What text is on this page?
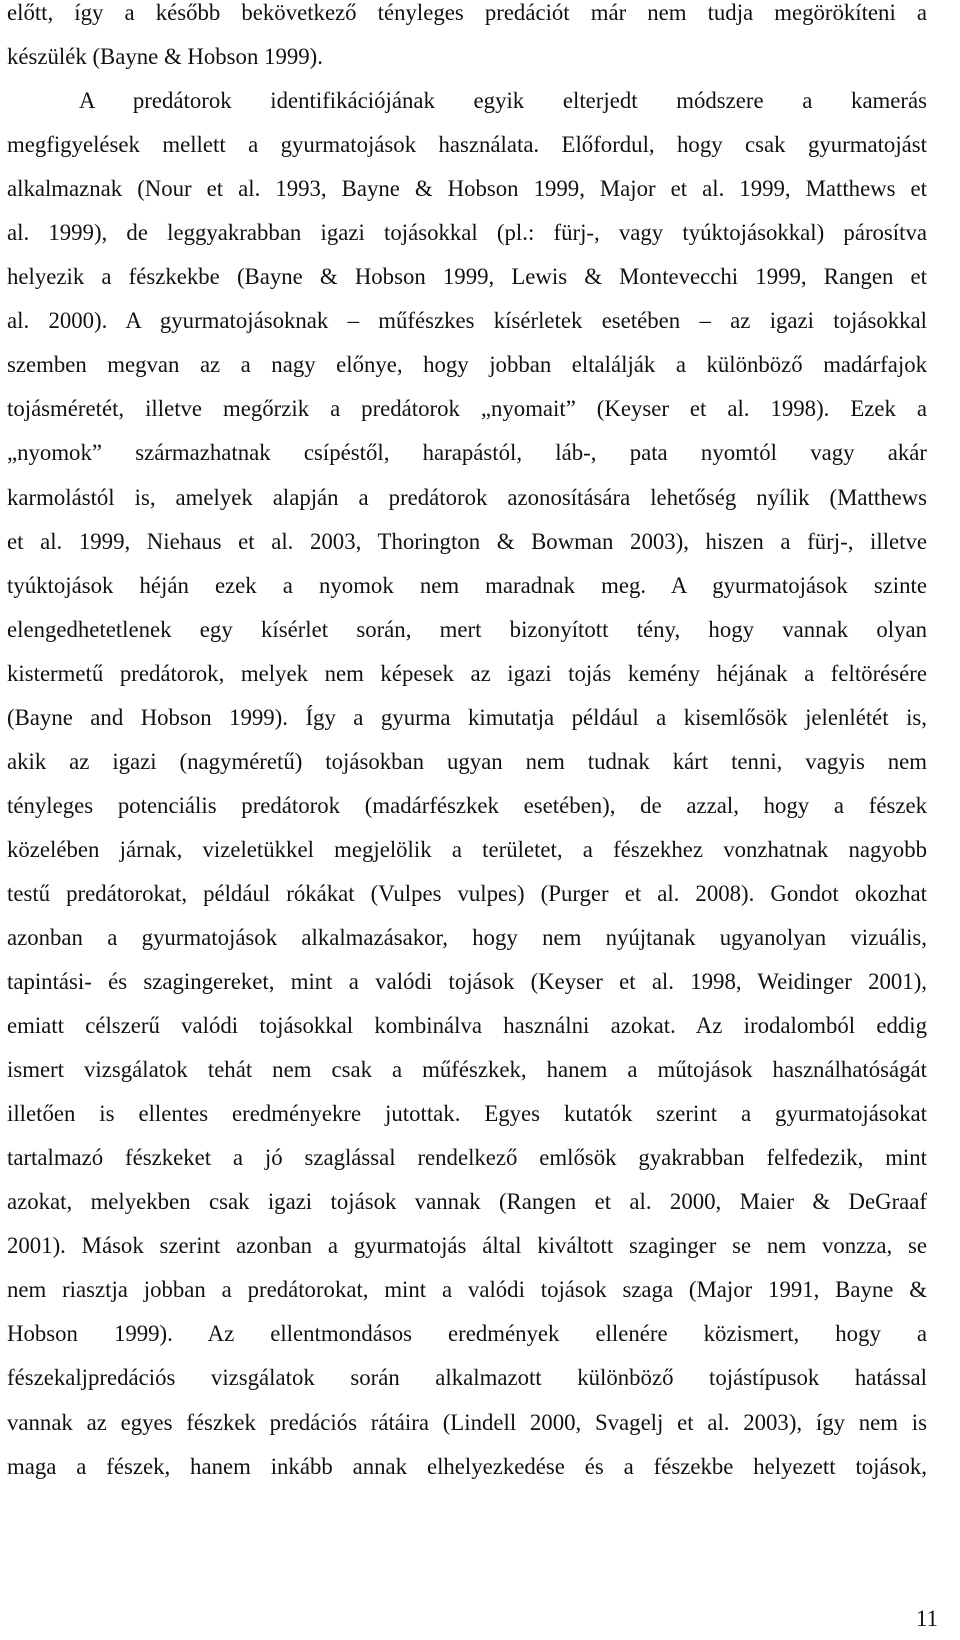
előtt, így a később bekövetkező tényleges predációt már nem tudja megörökíteni a
készülék (Bayne & Hobson 1999).
A predátorok identifikációjának egyik elterjedt módszere a kamerás
megfigyelések mellett a gyurmatojások használata. Előfordul, hogy csak gyurmatojást
alkalmaznak (Nour et al. 1993, Bayne & Hobson 1999, Major et al. 1999, Matthews et
al. 1999), de leggyakrabban igazi tojásokkal (pl.: fürj-, vagy tyúktojásokkal) párosítva
helyezik a fészkekbe (Bayne & Hobson 1999, Lewis & Montevecchi 1999, Rangen et
al. 2000). A gyurmatojásoknak – műfészkes kísérletek esetében – az igazi tojásokkal
szemben megvan az a nagy előnye, hogy jobban eltalálják a különböző madárfajok
tojásméretét, illetve megőrzik a predátorok „nyomait” (Keyser et al. 1998). Ezek a
„nyomok” származhatnak csípéstől, harapástól, láb-, pata nyomtól vagy akár
karmolástól is, amelyek alapján a predátorok azonosítására lehetőség nyílik (Matthews
et al. 1999, Niehaus et al. 2003, Thorington & Bowman 2003), hiszen a fürj-, illetve
tyúktojások héján ezek a nyomok nem maradnak meg. A gyurmatojások szinte
elengedhetetlenek egy kísérlet során, mert bizonyított tény, hogy vannak olyan
kistermetű predátorok, melyek nem képesek az igazi tojás kemény héjának a feltörésére
(Bayne and Hobson 1999). Így a gyurma kimutatja például a kisemlősök jelenlétét is,
akik az igazi (nagyméretű) tojásokban ugyan nem tudnak kárt tenni, vagyis nem
tényleges potenciális predátorok (madárfészkek esetében), de azzal, hogy a fészek
közelében járnak, vizeletükkel megjelölik a területet, a fészekhez vonzhatnak nagyobb
testű predátorokat, például rókákat (Vulpes vulpes) (Purger et al. 2008). Gondot okozhat
azonban a gyurmatojások alkalmazásakor, hogy nem nyújtanak ugyanolyan vizuális,
tapintási- és szagingereket, mint a valódi tojások (Keyser et al. 1998, Weidinger 2001),
emiatt célszerű valódi tojásokkal kombinálva használni azokat. Az irodalomból eddig
ismert vizsgálatok tehát nem csak a műfészkek, hanem a műtojások használhatóságát
illetően is ellentes eredményekre jutottak. Egyes kutatók szerint a gyurmatojásokat
tartalmazó fészkeket a jó szaglással rendelkező emlősök gyakrabban felfedezik, mint
azokat, melyekben csak igazi tojások vannak (Rangen et al. 2000, Maier & DeGraaf
2001). Mások szerint azonban a gyurmatojás által kiváltott szaginger se nem vonzza, se
nem riasztja jobban a predátorokat, mint a valódi tojások szaga (Major 1991, Bayne &
Hobson 1999). Az ellentmondásos eredmények ellenére közismert, hogy a
fészekaljpredációs vizsgálatok során alkalmazott különböző tojástípusok hatással
vannak az egyes fészkek predációs rátáira (Lindell 2000, Svagelj et al. 2003), így nem is
maga a fészek, hanem inkább annak elhelyezkedése és a fészekbe helyezett tojások,
11
